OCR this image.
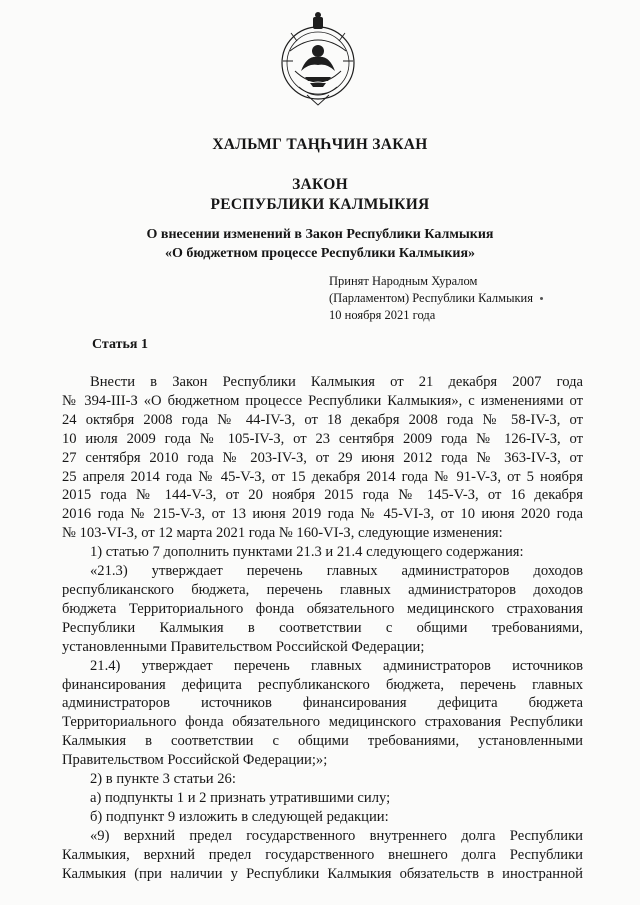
ХАЛЬМГ ТАҢҺЧИН ЗАКАН
ЗАКОН
РЕСПУБЛИКИ КАЛМЫКИЯ
О внесении изменений в Закон Республики Калмыкия
«О бюджетном процессе Республики Калмыкия»
Принят Народным Хуралом
(Парламентом) Республики Калмыкия
10 ноября 2021 года
Статья 1

Внести в Закон Республики Калмыкия от 21 декабря 2007 года

№ 394-III-З «О бюджетном процессе Республики Калмыкия», с изменениями от

24 октября 2008 года № 44-IV-З, от 18 декабря 2008 года № 58-IV-З, от

10 июля 2009 года № 105-IV-З, от 23 сентября 2009 года № 126-IV-З, от

27 сентября 2010 года № 203-IV-З, от 29 июня 2012 года № 363-IV-З, от

25 апреля 2014 года № 45-V-З, от 15 декабря 2014 года № 91-V-З, от 5 ноября

2015 года № 144-V-З, от 20 ноября 2015 года № 145-V-З, от 16 декабря

2016 года № 215-V-З, от 13 июня 2019 года № 45-VI-З, от 10 июня 2020 года

№ 103-VI-З, от 12 марта 2021 года № 160-VI-З, следующие изменения:

1) статью 7 дополнить пунктами 21.3 и 21.4 следующего содержания:

«21.3) утверждает перечень главных администраторов доходов

республиканского бюджета, перечень главных администраторов доходов

бюджета Территориального фонда обязательного медицинского страхования

Республики Калмыкия в соответствии с общими требованиями,

установленными Правительством Российской Федерации;

21.4) утверждает перечень главных администраторов источников

финансирования дефицита республиканского бюджета, перечень главных

администраторов источников финансирования дефицита бюджета

Территориального фонда обязательного медицинского страхования Республики

Калмыкия в соответствии с общими требованиями, установленными

Правительством Российской Федерации;»;

2) в пункте 3 статьи 26:

а) подпункты 1 и 2 признать утратившими силу;

б) подпункт 9 изложить в следующей редакции:

«9) верхний предел государственного внутреннего долга Республики

Калмыкия, верхний предел государственного внешнего долга Республики

Калмыкия (при наличии у Республики Калмыкия обязательств в иностранной
